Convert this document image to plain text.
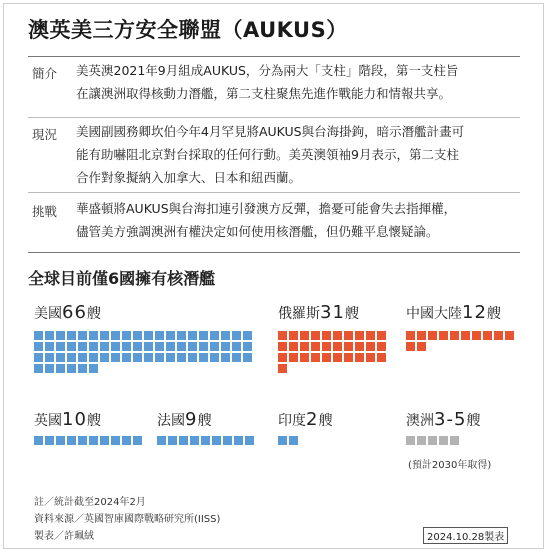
澳英美三方安全聯盟（AUKUS）
簡介 美英澳2021年9月組成AUKUS，分為兩大「支柱」階段，第一支柱旨
在讓澳洲取得核動力潛艦，第二支柱聚焦先進作戰能力和情報共享。
現況 美國副國務卿坎伯今年4月罕見將AUKUS與台海掛鉤，暗示潛艦計畫可
能有助嚇阻北京對台採取的任何行動。美英澳領袖9月表示，第二支柱
合作對象擬納入加拿大、日本和紐西蘭。
挑戰 華盛頓將AUKUS與台海扣連引發澳方反彈，擔憂可能會失去指揮權，
儘管美方強調澳洲有權決定如何使用核潛艦，但仍難平息懷疑論。
全球目前僅6國擁有核潛艦
美國66艘	俄羅斯31艘	中國大陸12艘
英國10艘	法國9艘	印度2艘	澳洲3-5艘
(預計2030年取得)
註／統計截至2024年2月
資料來源／英國智庫國際戰略研究所(IISS)
製表／許珮絨	2024.10.28製表
